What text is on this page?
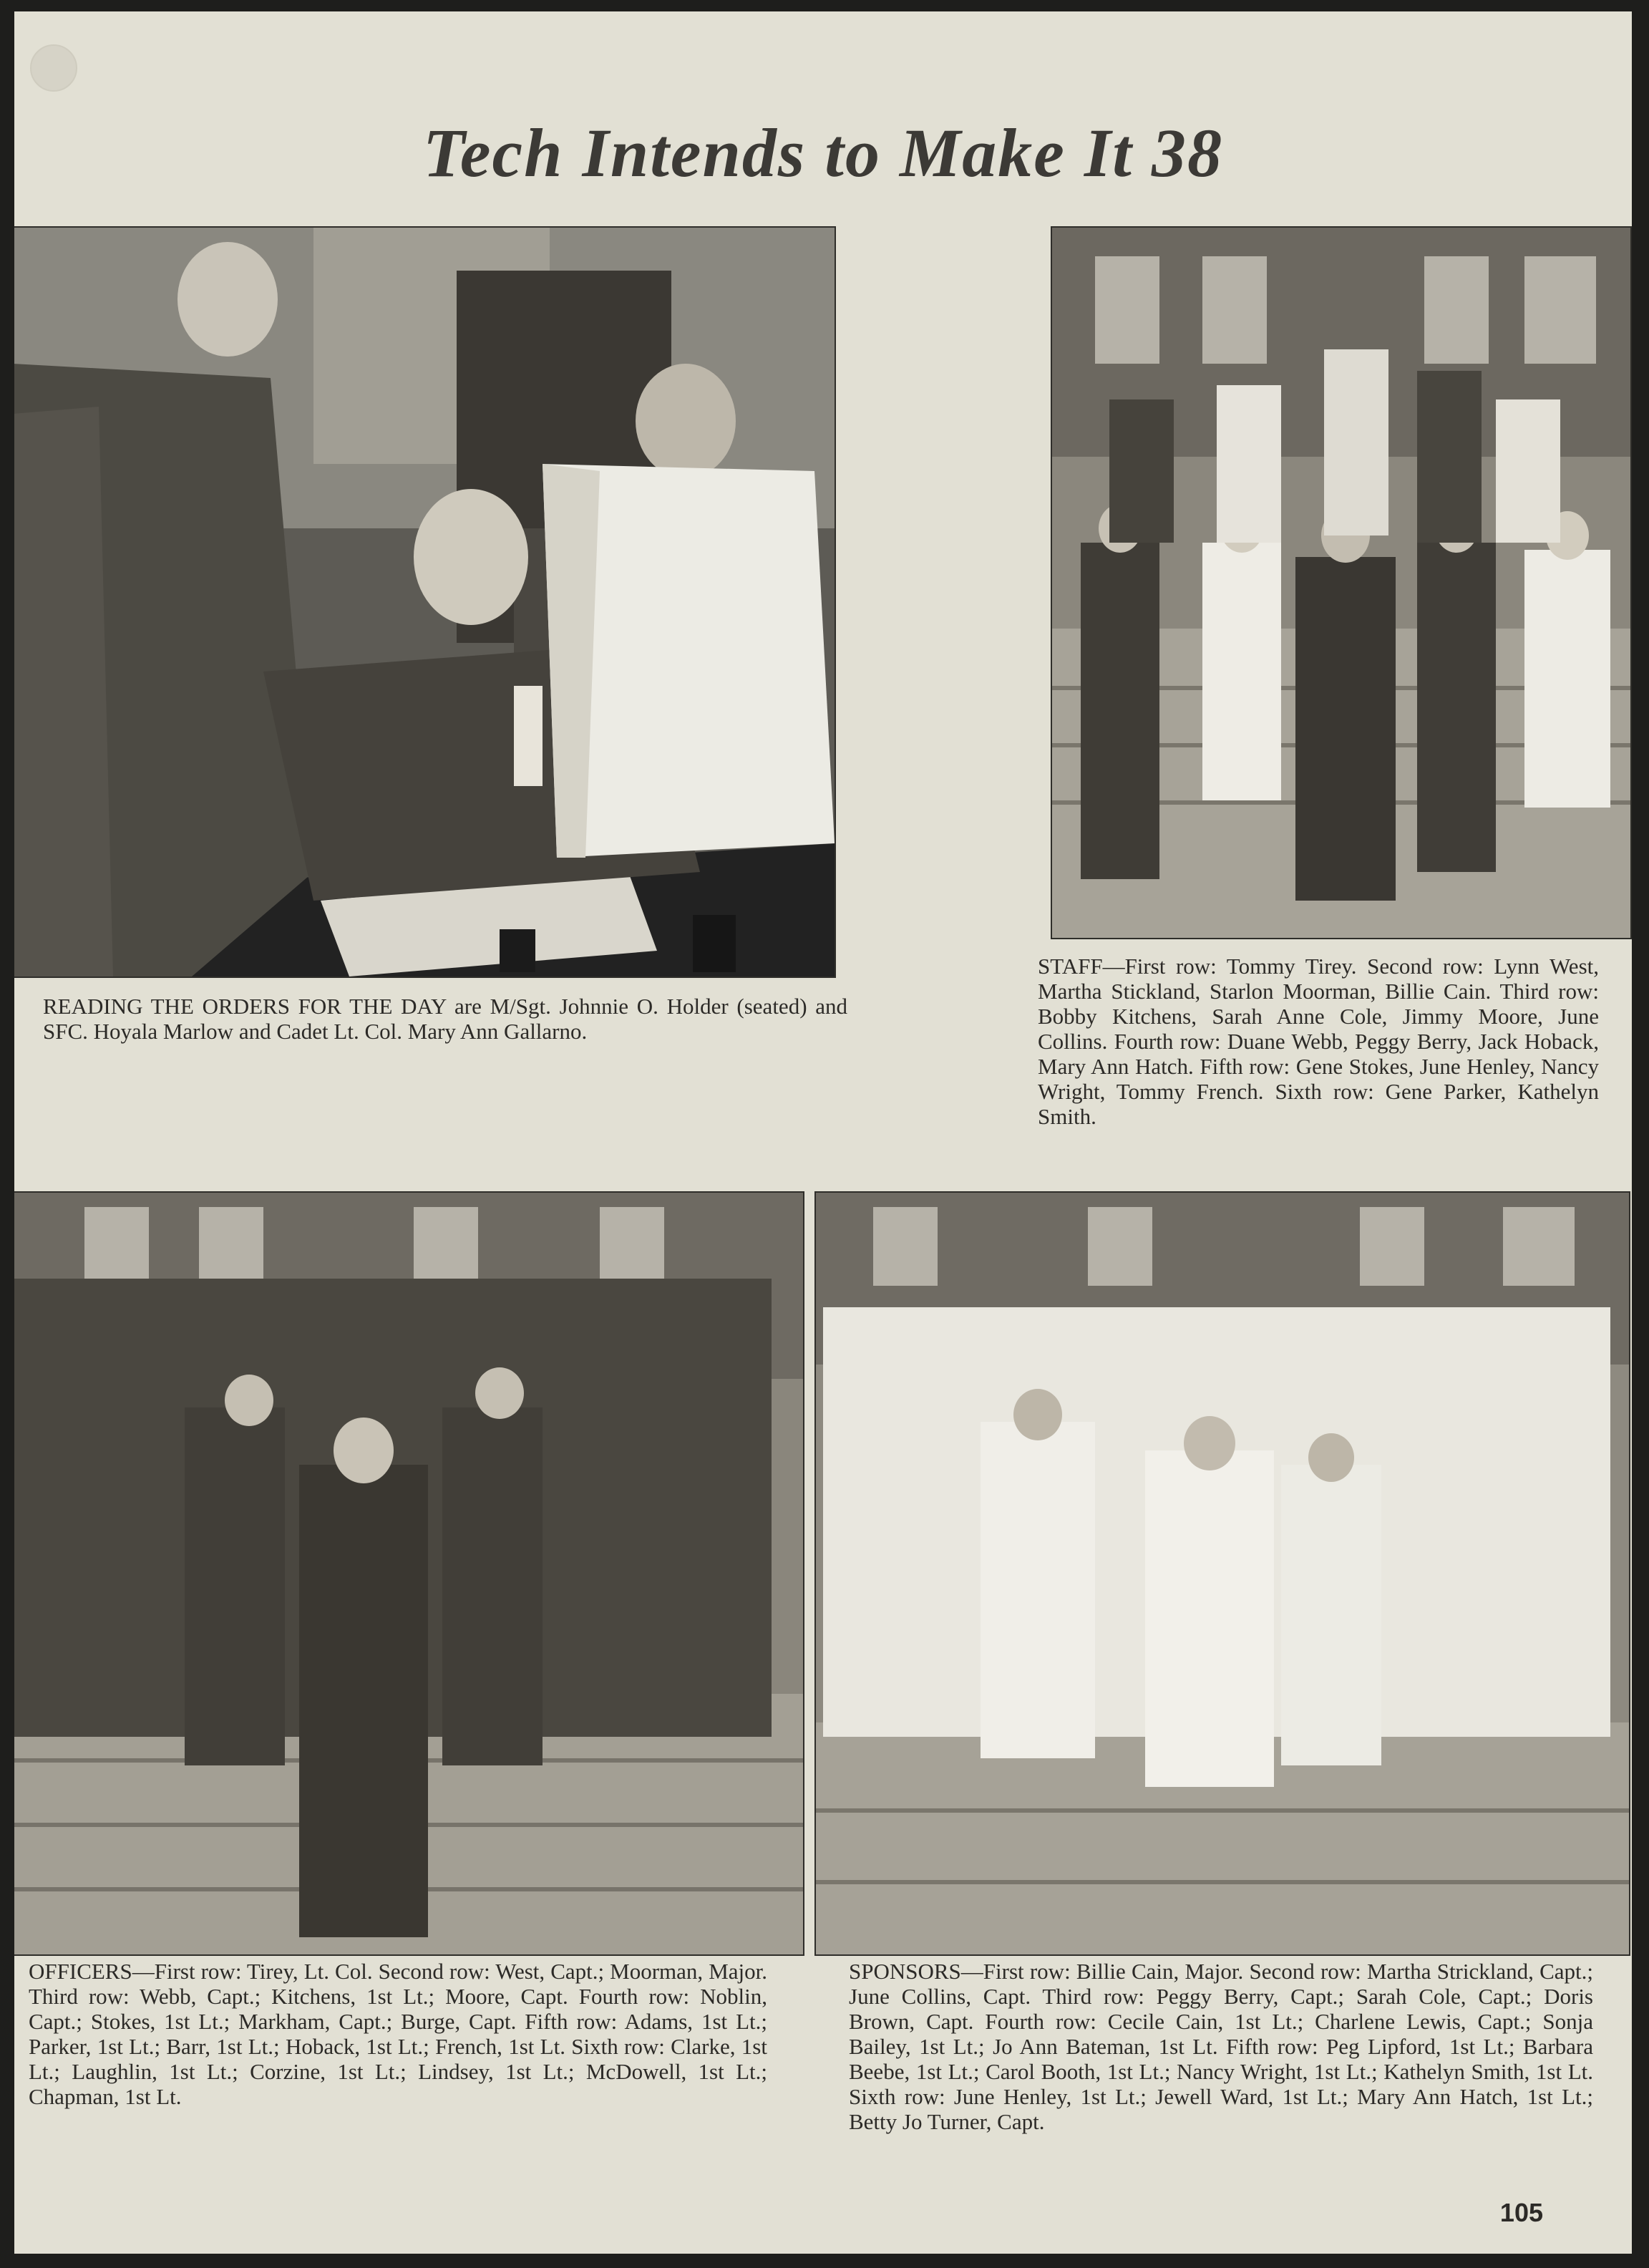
Tech Intends to Make It 38

READING THE ORDERS FOR THE DAY are M/Sgt. Johnnie O. Holder (seated) and SFC. Hoyala Marlow and Cadet Lt. Col. Mary Ann Gallarno.

STAFF—First row: Tommy Tirey. Second row: Lynn West, Martha Stickland, Starlon Moorman, Billie Cain. Third row: Bobby Kitchens, Sarah Anne Cole, Jimmy Moore, June Collins. Fourth row: Duane Webb, Peggy Berry, Jack Hoback, Mary Ann Hatch. Fifth row: Gene Stokes, June Henley, Nancy Wright, Tommy French. Sixth row: Gene Parker, Kathelyn Smith.

OFFICERS—First row: Tirey, Lt. Col. Second row: West, Capt.; Moorman, Major. Third row: Webb, Capt.; Kitchens, 1st Lt.; Moore, Capt. Fourth row: Noblin, Capt.; Stokes, 1st Lt.; Markham, Capt.; Burge, Capt. Fifth row: Adams, 1st Lt.; Parker, 1st Lt.; Barr, 1st Lt.; Hoback, 1st Lt.; French, 1st Lt. Sixth row: Clarke, 1st Lt.; Laughlin, 1st Lt.; Corzine, 1st Lt.; Lindsey, 1st Lt.; McDowell, 1st Lt.; Chapman, 1st Lt.

SPONSORS—First row: Billie Cain, Major. Second row: Martha Strickland, Capt.; June Collins, Capt. Third row: Peggy Berry, Capt.; Sarah Cole, Capt.; Doris Brown, Capt. Fourth row: Cecile Cain, 1st Lt.; Charlene Lewis, Capt.; Sonja Bailey, 1st Lt.; Jo Ann Bateman, 1st Lt. Fifth row: Peg Lipford, 1st Lt.; Barbara Beebe, 1st Lt.; Carol Booth, 1st Lt.; Nancy Wright, 1st Lt.; Kathelyn Smith, 1st Lt. Sixth row: June Henley, 1st Lt.; Jewell Ward, 1st Lt.; Mary Ann Hatch, 1st Lt.; Betty Jo Turner, Capt.

105
